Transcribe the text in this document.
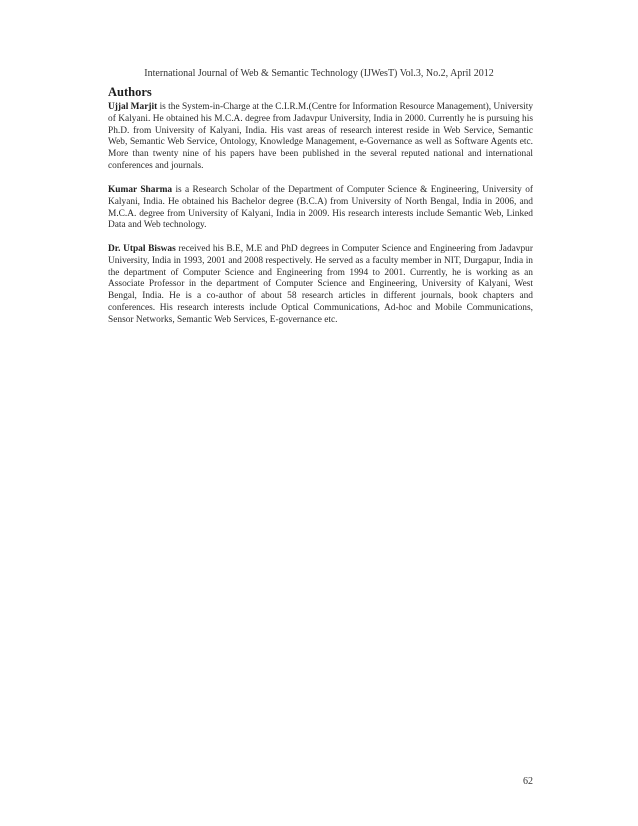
International Journal of Web & Semantic Technology (IJWesT) Vol.3, No.2, April 2012
Authors

Ujjal Marjit is the System-in-Charge at the C.I.R.M.(Centre for Information Resource Management), University of Kalyani. He obtained his M.C.A. degree from Jadavpur University, India in 2000. Currently he is pursuing his Ph.D. from University of Kalyani, India. His vast areas of research interest reside in Web Service, Semantic Web, Semantic Web Service, Ontology, Knowledge Management, e-Governance as well as Software Agents etc. More than twenty nine of his papers have been published in the several reputed national and international conferences and journals.

Kumar Sharma is a Research Scholar of the Department of Computer Science & Engineering, University of Kalyani, India. He obtained his Bachelor degree (B.C.A) from University of North Bengal, India in 2006, and M.C.A. degree from University of Kalyani, India in 2009. His research interests include Semantic Web, Linked Data and Web technology.

Dr. Utpal Biswas received his B.E, M.E and PhD degrees in Computer Science and Engineering from Jadavpur University, India in 1993, 2001 and 2008 respectively. He served as a faculty member in NIT, Durgapur, India in the department of Computer Science and Engineering from 1994 to 2001. Currently, he is working as an Associate Professor in the department of Computer Science and Engineering, University of Kalyani, West Bengal, India. He is a co-author of about 58 research articles in different journals, book chapters and conferences. His research interests include Optical Communications, Ad-hoc and Mobile Communications, Sensor Networks, Semantic Web Services, E-governance etc.

62
